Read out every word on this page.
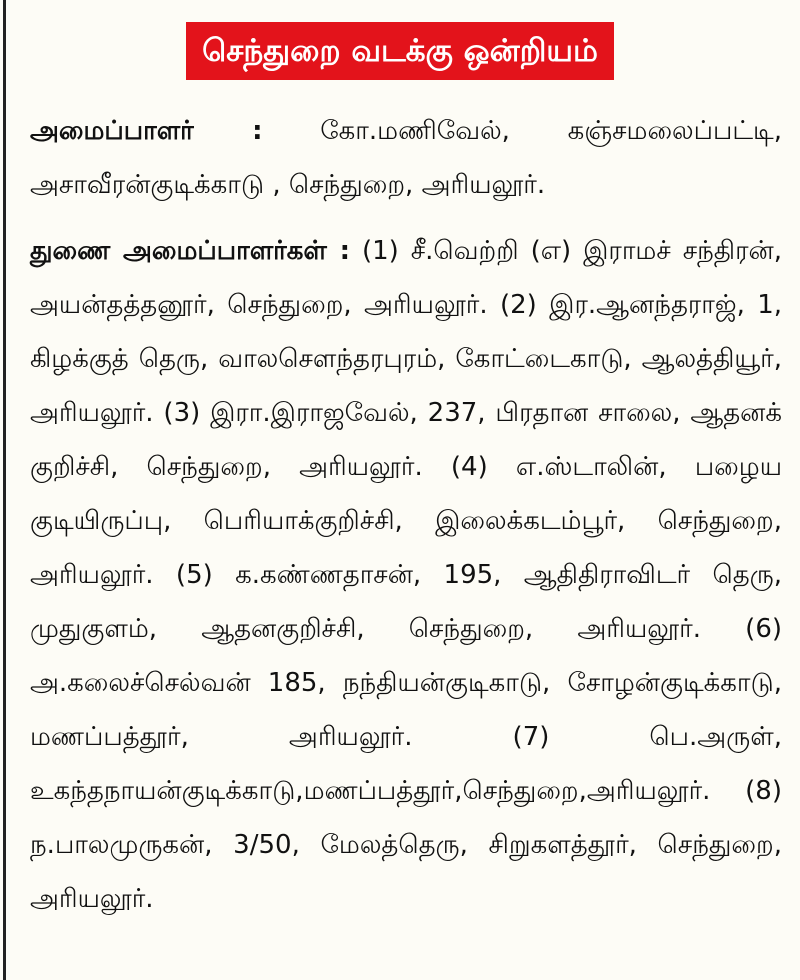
செந்துறை வடக்கு ஒன்றியம்

அமைப்பாளர் : கோ.மணிவேல், கஞ்சமலைப்பட்டி, அசாவீரன்குடிக்காடு , செந்துறை, அரியலூர்.

துணை அமைப்பாளர்கள் : (1) சீ.வெற்றி (எ) இராமச் சந்திரன், அயன்தத்தனூர், செந்துறை, அரியலூர். (2) இர.ஆனந்தராஜ், 1, கிழக்குத் தெரு, வாலசௌந்தரபுரம், கோட்டைகாடு, ஆலத்தியூர், அரியலூர். (3) இரா.இராஜவேல், 237, பிரதான சாலை, ஆதனக் குறிச்சி, செந்துறை, அரியலூர். (4) எ.ஸ்டாலின், பழைய குடியிருப்பு, பெரியாக்குறிச்சி, இலைக்கடம்பூர், செந்துறை, அரியலூர். (5) க.கண்ணதாசன், 195, ஆதிதிராவிடர் தெரு, முதுகுளம், ஆதனகுறிச்சி, செந்துறை, அரியலூர். (6) அ.கலைச்செல்வன் 185, நந்தியன்குடிகாடு, சோழன்குடிக்காடு, மணப்பத்தூர், அரியலூர்.	(7) பெ.அருள், உகந்தநாயன்குடிக்காடு,மணப்பத்தூர்,செந்துறை,அரியலூர். (8) ந.பாலமுருகன், 3/50, மேலத்தெரு, சிறுகளத்தூர், செந்துறை, அரியலூர்.
